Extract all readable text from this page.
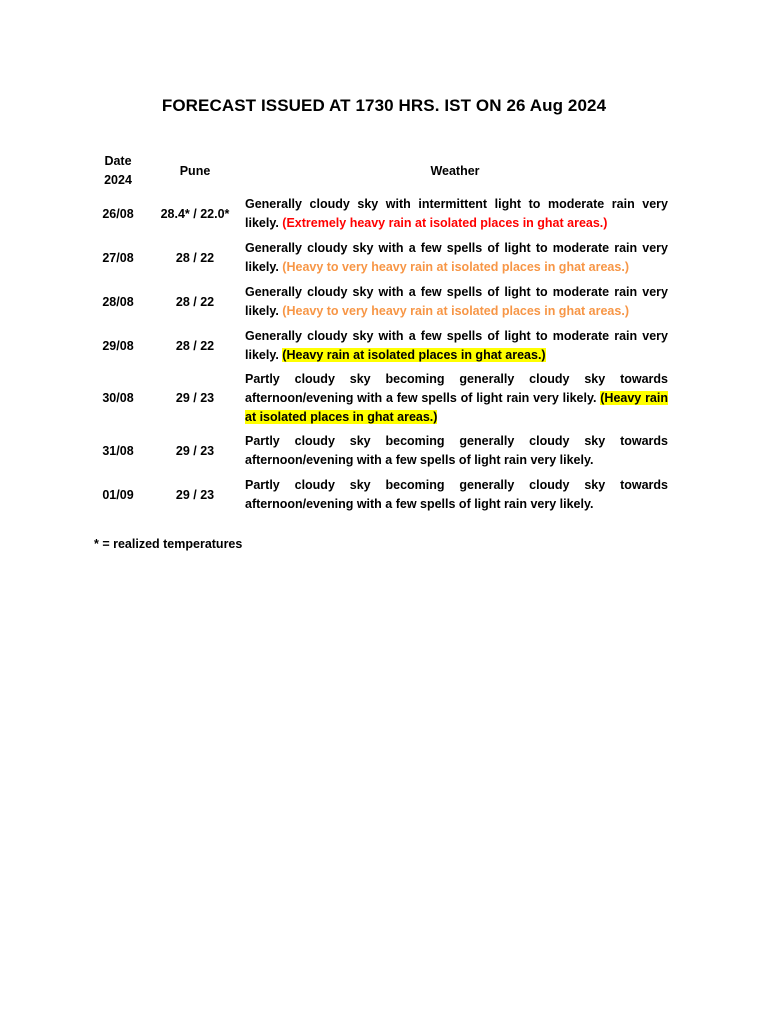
FORECAST ISSUED AT 1730 HRS. IST ON 26 Aug 2024
Date
2024	Pune	Weather
26/08	28.4* / 22.0*	Generally cloudy sky with intermittent light to moderate rain very likely. (Extremely heavy rain at isolated places in ghat areas.)
27/08	28 / 22	Generally cloudy sky with a few spells of light to moderate rain very likely. (Heavy to very heavy rain at isolated places in ghat areas.)
28/08	28 / 22	Generally cloudy sky with a few spells of light to moderate rain very likely. (Heavy to very heavy rain at isolated places in ghat areas.)
29/08	28 / 22	Generally cloudy sky with a few spells of light to moderate rain very likely. (Heavy rain at isolated places in ghat areas.)
30/08	29 / 23	Partly cloudy sky becoming generally cloudy sky towards afternoon/evening with a few spells of light rain very likely. (Heavy rain at isolated places in ghat areas.)
31/08	29 / 23	Partly cloudy sky becoming generally cloudy sky towards afternoon/evening with a few spells of light rain very likely.
01/09	29 / 23	Partly cloudy sky becoming generally cloudy sky towards afternoon/evening with a few spells of light rain very likely.
* = realized temperatures
